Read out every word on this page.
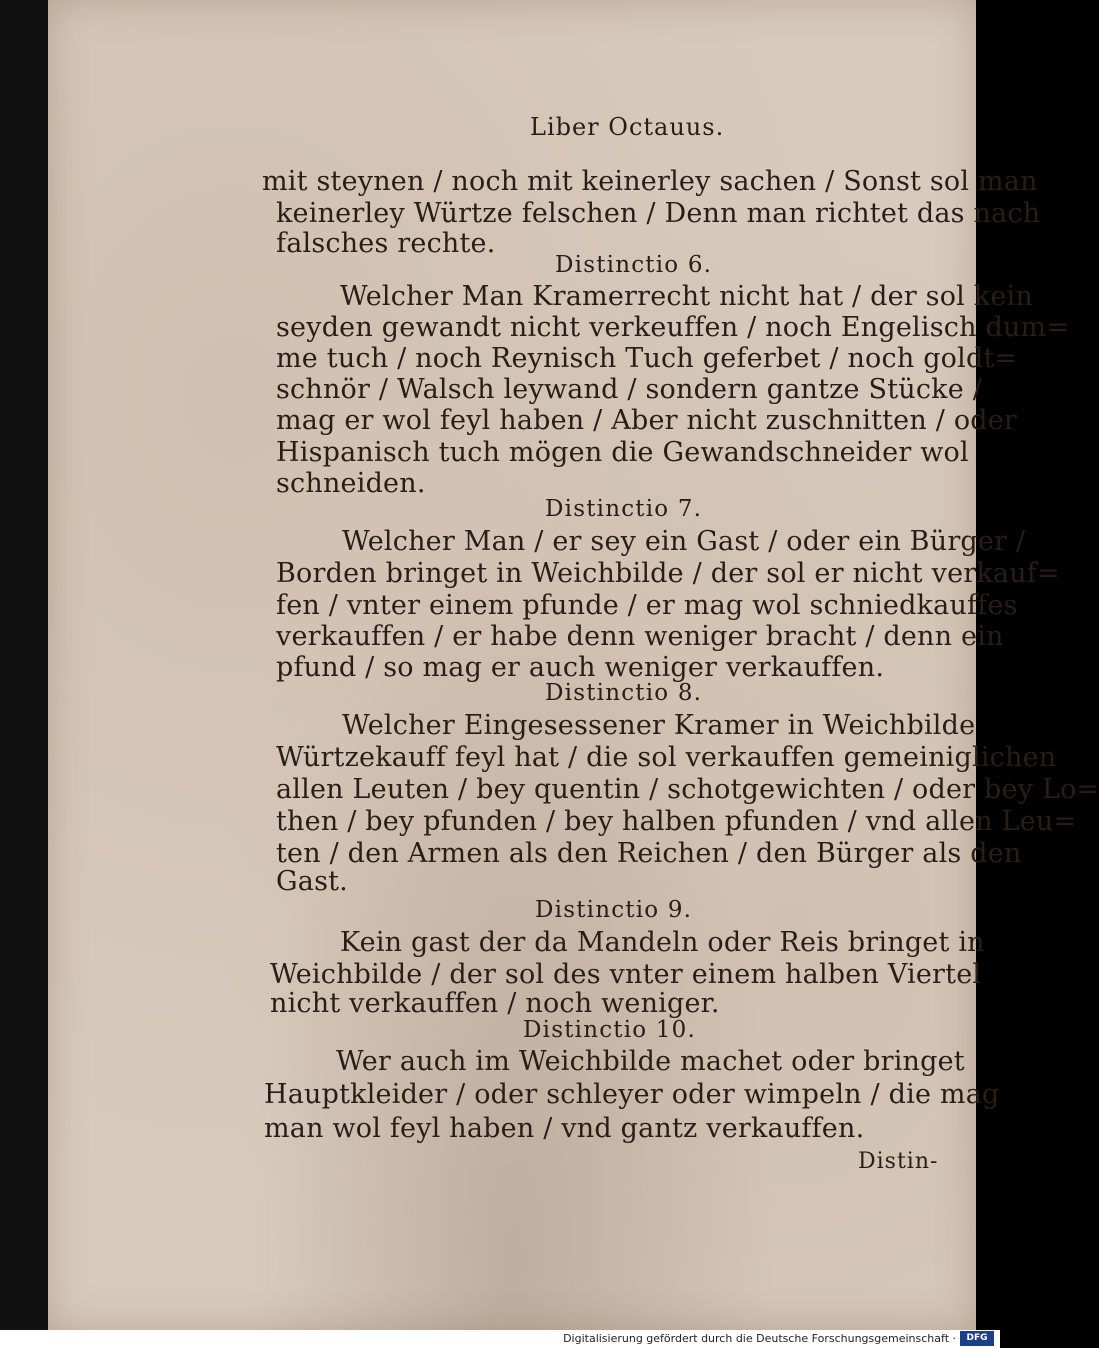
Liber Octauus.
mit steynen / noch mit keinerley sachen / Sonst sol man
keinerley Würtze felschen / Denn man richtet das nach
falsches rechte.
Distinctio 6.
Welcher Man Kramerrecht nicht hat / der sol kein
seyden gewandt nicht verkeuffen / noch Engelisch dum=
me tuch / noch Reynisch Tuch geferbet / noch goldt=
schnör / Walsch leywand / sondern gantze Stücke /
mag er wol feyl haben / Aber nicht zuschnitten / oder
Hispanisch tuch mögen die Gewandschneider wol
schneiden.
Distinctio 7.
Welcher Man / er sey ein Gast / oder ein Bürger /
Borden bringet in Weichbilde / der sol er nicht verkauf=
fen / vnter einem pfunde / er mag wol schniedkauffes
verkauffen / er habe denn weniger bracht / denn ein
pfund / so mag er auch weniger verkauffen.
Distinctio 8.
Welcher Eingesessener Kramer in Weichbilde
Würtzekauff feyl hat / die sol verkauffen gemeiniglichen
allen Leuten / bey quentin / schotgewichten / oder bey Lo=
then / bey pfunden / bey halben pfunden / vnd allen Leu=
ten / den Armen als den Reichen / den Bürger als den
Gast.
Distinctio 9.
Kein gast der da Mandeln oder Reis bringet in
Weichbilde / der sol des vnter einem halben Viertel
nicht verkauffen / noch weniger.
Distinctio 10.
Wer auch im Weichbilde machet oder bringet
Hauptkleider / oder schleyer oder wimpeln / die mag
man wol feyl haben / vnd gantz verkauffen.
Distin-
Digitalisierung gefördert durch die Deutsche Forschungsgemeinschaft ·	DFG
